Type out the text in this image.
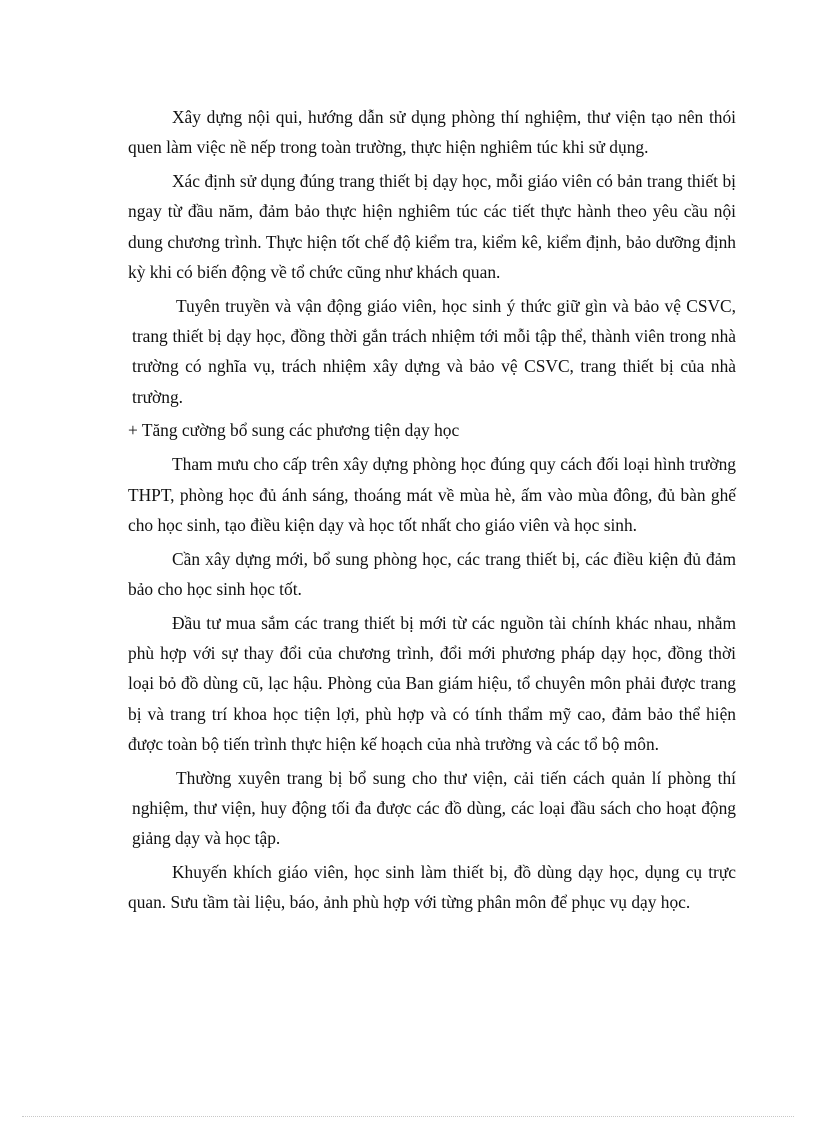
Xây dựng nội qui, hướng dẫn sử dụng phòng thí nghiệm, thư viện tạo nên thói quen làm việc nề nếp trong toàn trường, thực hiện nghiêm túc khi sử dụng.

Xác định sử dụng đúng trang thiết bị dạy học, mỗi giáo viên có bản trang thiết bị ngay từ đầu năm, đảm bảo thực hiện nghiêm túc các tiết thực hành theo yêu cầu nội dung chương trình. Thực hiện tốt chế độ kiểm tra, kiểm kê, kiểm định, bảo dưỡng định kỳ khi có biến động về tổ chức cũng như khách quan.

Tuyên truyền và vận động giáo viên, học sinh ý thức giữ gìn và bảo vệ CSVC, trang thiết bị dạy học, đồng thời gắn trách nhiệm tới mỗi tập thể, thành viên trong nhà trường có nghĩa vụ, trách nhiệm xây dựng và bảo vệ CSVC, trang thiết bị của nhà trường.

+ Tăng cường bổ sung các phương tiện dạy học

Tham mưu cho cấp trên xây dựng phòng học đúng quy cách đối loại hình trường THPT, phòng học đủ ánh sáng, thoáng mát về mùa hè, ấm vào mùa đông, đủ bàn ghế cho học sinh, tạo điều kiện dạy và học tốt nhất cho giáo viên và học sinh.

Cần xây dựng mới, bổ sung phòng học, các trang thiết bị, các điều kiện đủ đảm bảo cho học sinh học tốt.

Đầu tư mua sắm các trang thiết bị mới từ các nguồn tài chính khác nhau, nhằm phù hợp với sự thay đổi của chương trình, đổi mới phương pháp dạy học, đồng thời loại bỏ đồ dùng cũ, lạc hậu. Phòng của Ban giám hiệu, tổ chuyên môn phải được trang bị và trang trí khoa học tiện lợi, phù hợp và có tính thẩm mỹ cao, đảm bảo thể hiện được toàn bộ tiến trình thực hiện kế hoạch của nhà trường và các tổ bộ môn.

Thường xuyên trang bị bổ sung cho thư viện, cải tiến cách quản lí phòng thí nghiệm, thư viện, huy động tối đa được các đồ dùng, các loại đầu sách cho hoạt động giảng dạy và học tập.

Khuyến khích giáo viên, học sinh làm thiết bị, đồ dùng dạy học, dụng cụ trực quan. Sưu tầm tài liệu, báo, ảnh phù hợp với từng phân môn để phục vụ dạy học.
